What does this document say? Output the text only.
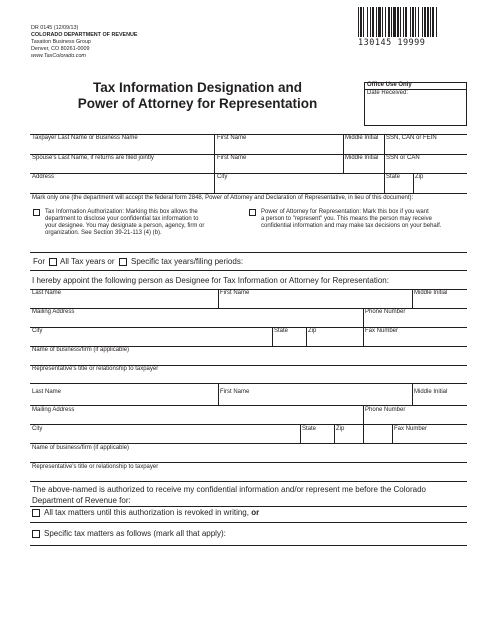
DR 0145 (12/09/13)
COLORADO DEPARTMENT OF REVENUE
Taxation Business Group
Denver, CO 80261-0009
www.TaxColorado.com
130145 19999
Tax Information Designation and
Power of Attorney for Representation
Office Use Only
Date Received:
Taxpayer Last Name or Business Name	First Name	Middle Initial SSN, CAN or FEIN
Spouse's Last Name, if returns are filed jointly	First Name	Middle Initial SSN or CAN
Address	City	State Zip
Mark only one (the department will accept the federal form 2848, Power of Attorney and Declaration of Representative, in lieu of this document):
Tax Information Authorization: Marking this box allows the
department to disclose your confidential tax information to
your designee. You may designate a person, agency, firm or
organization. See Section 39-21-113 (4) (b).
Power of Attorney for Representation: Mark this box if you want
a person to "represent" you. This means the person may receive
confidential information and may make tax decisions on your behalf.
For All Tax years or Specific tax years/filing periods:
I hereby appoint the following person as Designee for Tax Information or Attorney for Representation:
Last Name	First Name	Middle Initial
Mailing Address	Phone Number
City	State	Zip	Fax Number
Name of business/firm (if applicable)
Representative's title or relationship to taxpayer
Last Name	First Name	Middle Initial
Mailing Address	Phone Number
City	State	Zip	Fax Number
Name of business/firm (if applicable)
Representative's title or relationship to taxpayer
The above-named is authorized to receive my confidential information and/or represent me before the Colorado
Department of Revenue for:
All tax matters until this authorization is revoked in writing, or
Specific tax matters as follows (mark all that apply):
